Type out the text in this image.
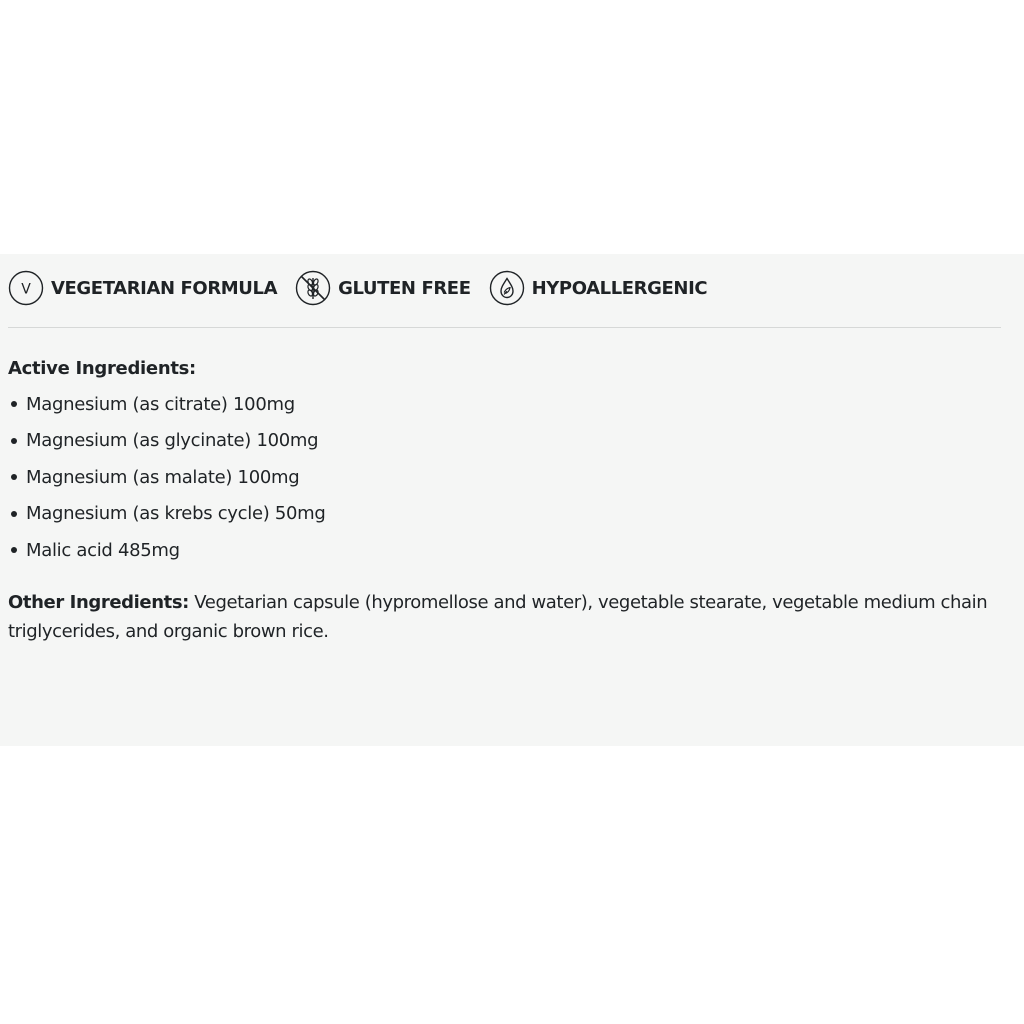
V VEGETARIAN FORMULA	GLUTEN FREE	HYPOALLERGENIC
Active Ingredients:
Magnesium (as citrate) 100mg
Magnesium (as glycinate) 100mg
Magnesium (as malate) 100mg
Magnesium (as krebs cycle) 50mg
Malic acid 485mg

Other Ingredients: Vegetarian capsule (hypromellose and water), vegetable stearate, vegetable medium chain triglycerides, and organic brown rice.
